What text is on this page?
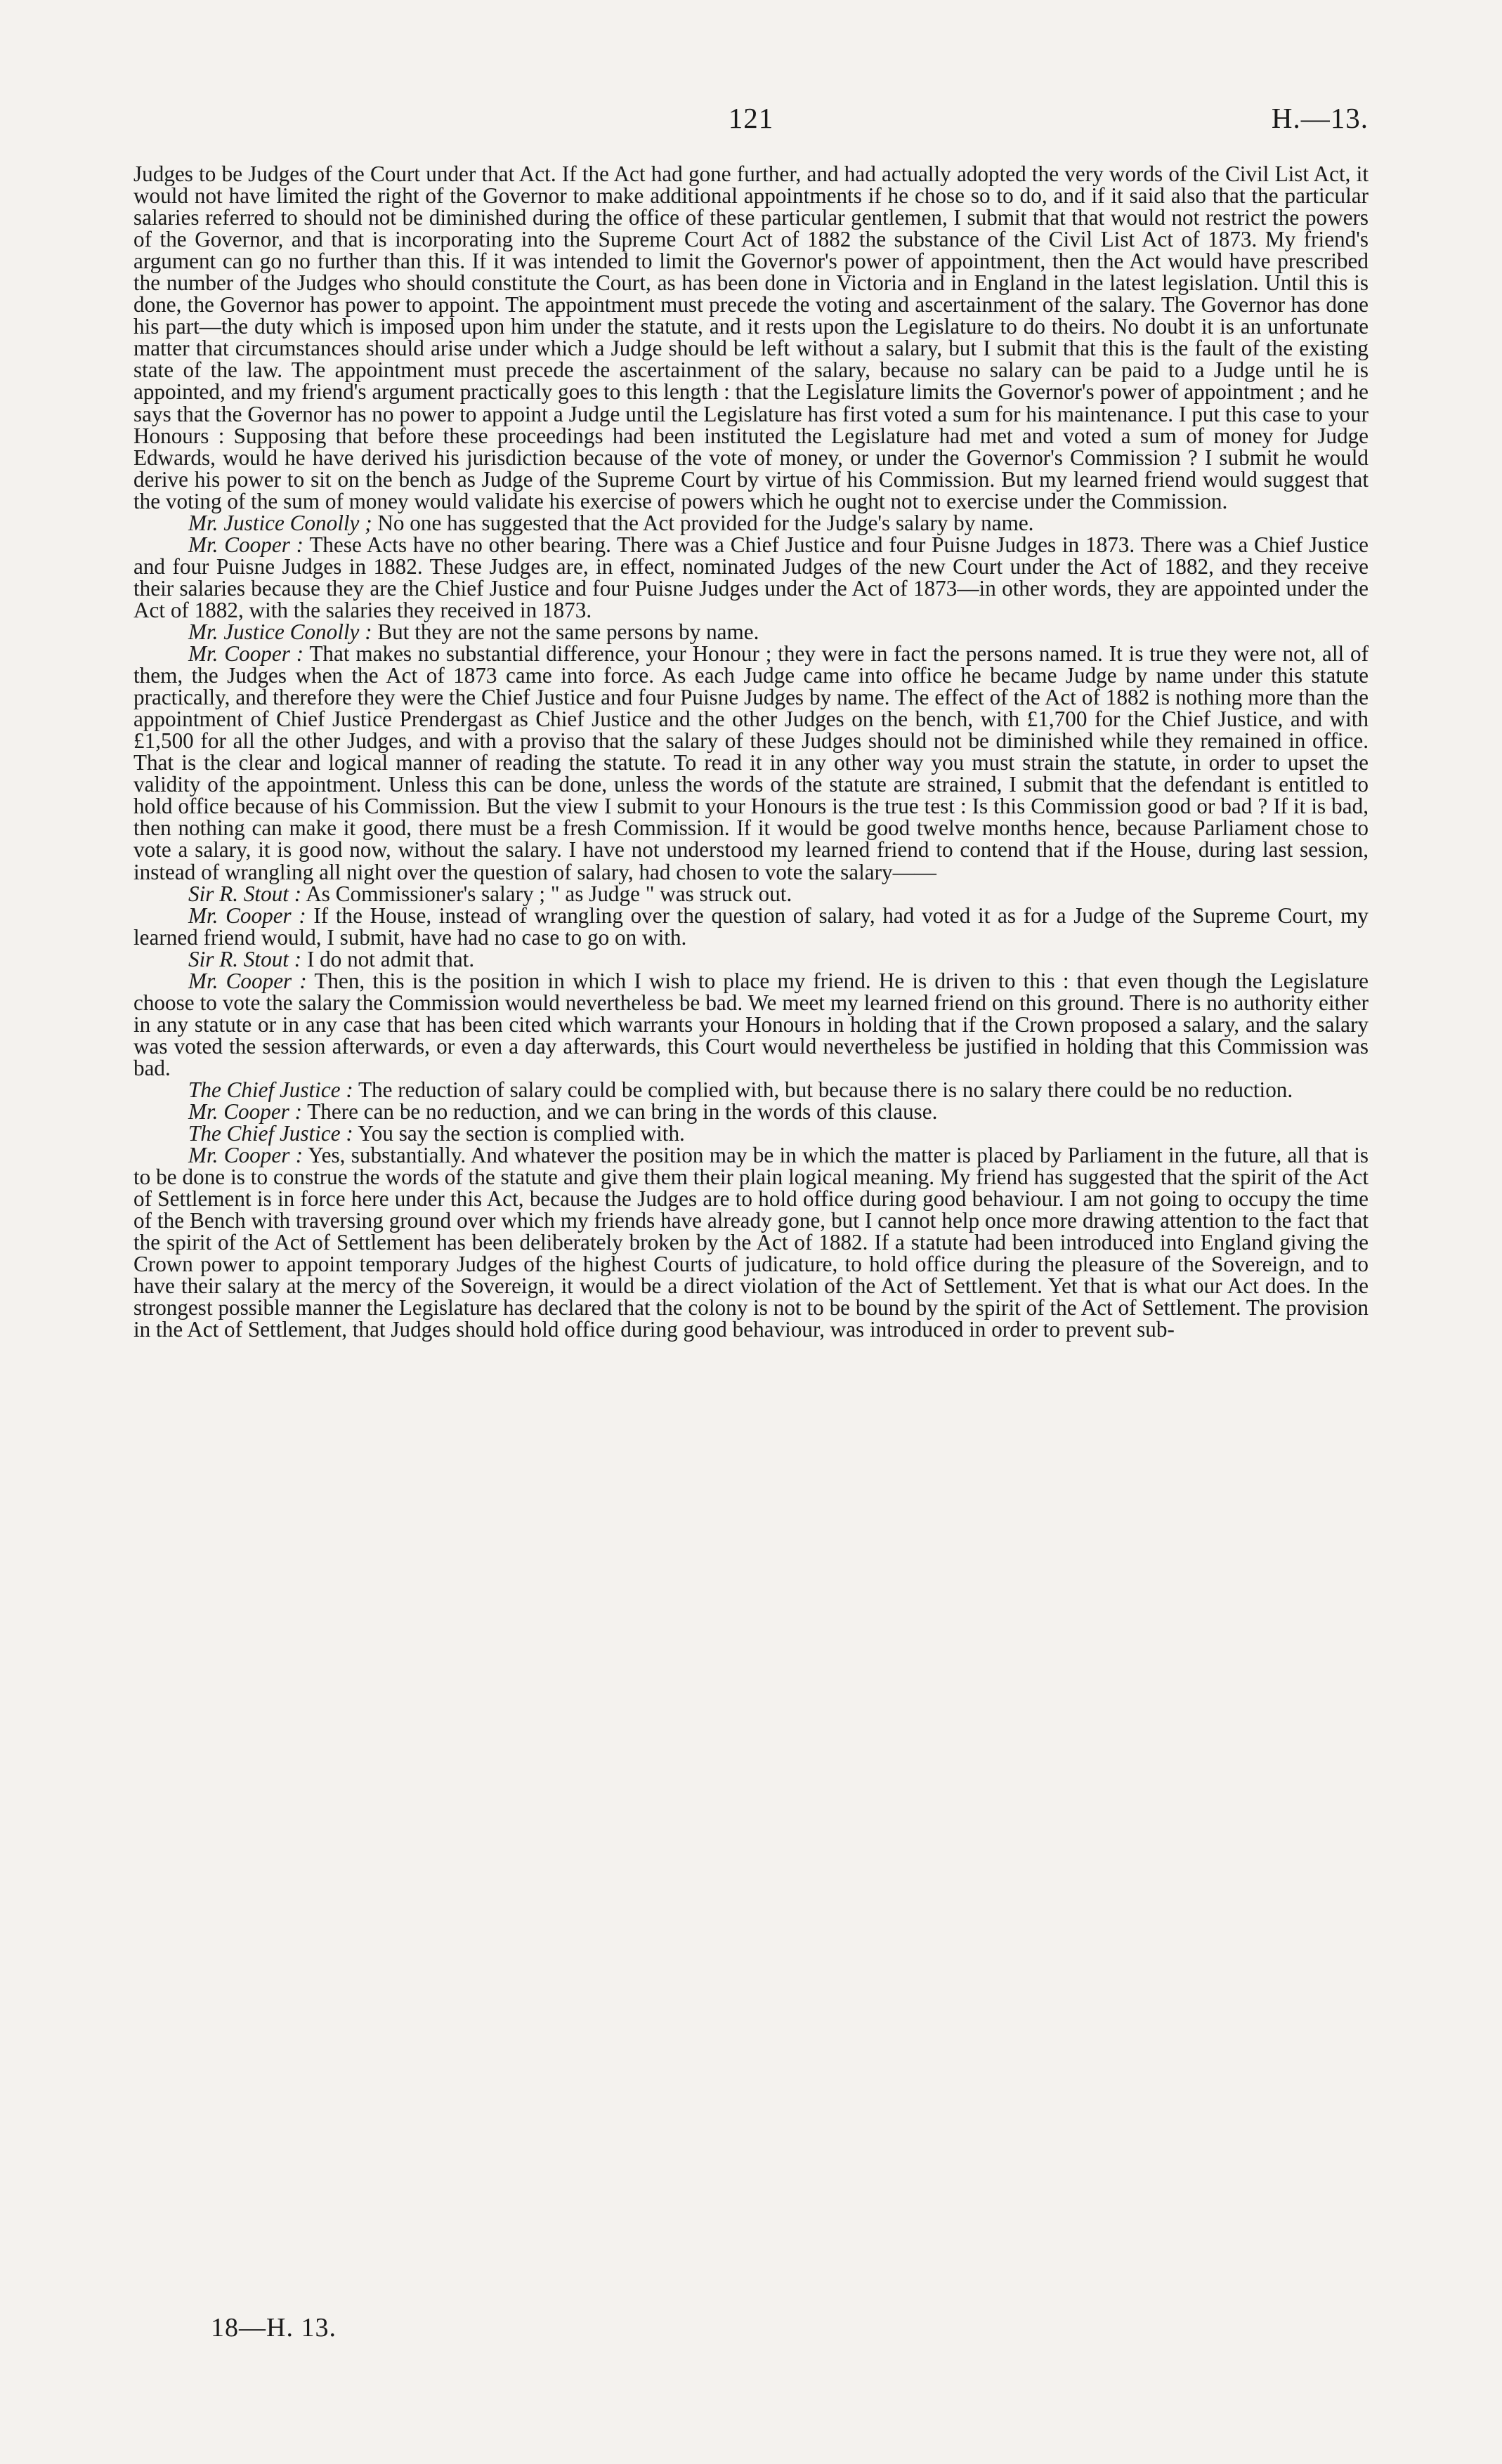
121	H.—13.

Judges to be Judges of the Court under that Act. If the Act had gone further, and had actually adopted the very words of the Civil List Act, it would not have limited the right of the Governor to make additional appointments if he chose so to do, and if it said also that the particular salaries referred to should not be diminished during the office of these particular gentlemen, I submit that that would not restrict the powers of the Governor, and that is incorporating into the Supreme Court Act of 1882 the substance of the Civil List Act of 1873. My friend's argument can go no further than this. If it was intended to limit the Governor's power of appointment, then the Act would have prescribed the number of the Judges who should constitute the Court, as has been done in Victoria and in England in the latest legislation. Until this is done, the Governor has power to appoint. The appointment must precede the voting and ascertainment of the salary. The Governor has done his part—the duty which is imposed upon him under the statute, and it rests upon the Legislature to do theirs. No doubt it is an unfortunate matter that circumstances should arise under which a Judge should be left without a salary, but I submit that this is the fault of the existing state of the law. The appointment must precede the ascertainment of the salary, because no salary can be paid to a Judge until he is appointed, and my friend's argument practically goes to this length : that the Legislature limits the Governor's power of appointment ; and he says that the Governor has no power to appoint a Judge until the Legislature has first voted a sum for his maintenance. I put this case to your Honours : Supposing that before these proceedings had been instituted the Legislature had met and voted a sum of money for Judge Edwards, would he have derived his jurisdiction because of the vote of money, or under the Governor's Commission ? I submit he would derive his power to sit on the bench as Judge of the Supreme Court by virtue of his Commission. But my learned friend would suggest that the voting of the sum of money would validate his exercise of powers which he ought not to exercise under the Commission.

Mr. Justice Conolly ; No one has suggested that the Act provided for the Judge's salary by name.

Mr. Cooper : These Acts have no other bearing. There was a Chief Justice and four Puisne Judges in 1873. There was a Chief Justice and four Puisne Judges in 1882. These Judges are, in effect, nominated Judges of the new Court under the Act of 1882, and they receive their salaries because they are the Chief Justice and four Puisne Judges under the Act of 1873—in other words, they are appointed under the Act of 1882, with the salaries they received in 1873.

Mr. Justice Conolly : But they are not the same persons by name.

Mr. Cooper : That makes no substantial difference, your Honour ; they were in fact the persons named. It is true they were not, all of them, the Judges when the Act of 1873 came into force. As each Judge came into office he became Judge by name under this statute practically, and therefore they were the Chief Justice and four Puisne Judges by name. The effect of the Act of 1882 is nothing more than the appointment of Chief Justice Prendergast as Chief Justice and the other Judges on the bench, with £1,700 for the Chief Justice, and with £1,500 for all the other Judges, and with a proviso that the salary of these Judges should not be diminished while they remained in office. That is the clear and logical manner of reading the statute. To read it in any other way you must strain the statute, in order to upset the validity of the appointment. Unless this can be done, unless the words of the statute are strained, I submit that the defendant is entitled to hold office because of his Commission. But the view I submit to your Honours is the true test : Is this Commission good or bad ? If it is bad, then nothing can make it good, there must be a fresh Commission. If it would be good twelve months hence, because Parliament chose to vote a salary, it is good now, without the salary. I have not understood my learned friend to contend that if the House, during last session, instead of wrangling all night over the question of salary, had chosen to vote the salary——

Sir R. Stout : As Commissioner's salary ; " as Judge " was struck out.

Mr. Cooper : If the House, instead of wrangling over the question of salary, had voted it as for a Judge of the Supreme Court, my learned friend would, I submit, have had no case to go on with.

Sir R. Stout : I do not admit that.

Mr. Cooper : Then, this is the position in which I wish to place my friend. He is driven to this : that even though the Legislature choose to vote the salary the Commission would nevertheless be bad. We meet my learned friend on this ground. There is no authority either in any statute or in any case that has been cited which warrants your Honours in holding that if the Crown proposed a salary, and the salary was voted the session afterwards, or even a day afterwards, this Court would nevertheless be justified in holding that this Commission was bad.

The Chief Justice : The reduction of salary could be complied with, but because there is no salary there could be no reduction.

Mr. Cooper : There can be no reduction, and we can bring in the words of this clause.

The Chief Justice : You say the section is complied with.

Mr. Cooper : Yes, substantially. And whatever the position may be in which the matter is placed by Parliament in the future, all that is to be done is to construe the words of the statute and give them their plain logical meaning. My friend has suggested that the spirit of the Act of Settlement is in force here under this Act, because the Judges are to hold office during good behaviour. I am not going to occupy the time of the Bench with traversing ground over which my friends have already gone, but I cannot help once more drawing attention to the fact that the spirit of the Act of Settlement has been deliberately broken by the Act of 1882. If a statute had been introduced into England giving the Crown power to appoint temporary Judges of the highest Courts of judicature, to hold office during the pleasure of the Sovereign, and to have their salary at the mercy of the Sovereign, it would be a direct violation of the Act of Settlement. Yet that is what our Act does. In the strongest possible manner the Legislature has declared that the colony is not to be bound by the spirit of the Act of Settlement. The provision in the Act of Settlement, that Judges should hold office during good behaviour, was introduced in order to prevent sub-

18—H. 13.
